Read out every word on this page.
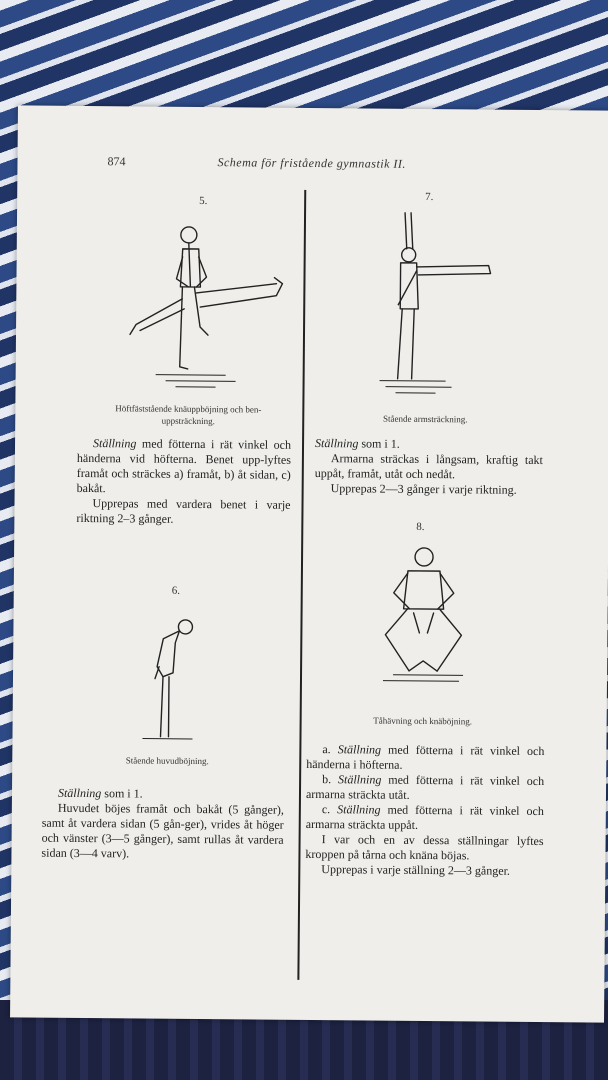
874	Schema för fristående gymnastik II.
5.
Höftfäststående knäuppböjning och ben- uppsträckning.

Ställning med fötterna i rät vinkel och händerna vid höfterna. Benet upp-lyftes framåt och sträckes a) framåt, b) åt sidan, c) bakåt.

Upprepas med vardera benet i varje riktning 2–3 gånger.

6.
Stående huvudböjning.

Ställning som i 1.

Huvudet böjes framåt och bakåt (5 gånger), samt åt vardera sidan (5 gån-ger), vrides åt höger och vänster (3—5 gånger), samt rullas åt vardera sidan (3—4 varv).

7.
Stående armsträckning.

Ställning som i 1.

Armarna sträckas i långsam, kraftig takt uppåt, framåt, utåt och nedåt.

Upprepas 2—3 gånger i varje riktning.

8.
Tåhävning och knäböjning.

a. Ställning med fötterna i rät vinkel och händerna i höfterna.

b. Ställning med fötterna i rät vinkel och armarna sträckta utåt.

c. Ställning med fötterna i rät vinkel och armarna sträckta uppåt.

I var och en av dessa ställningar lyftes kroppen på tårna och knäna böjas.

Upprepas i varje ställning 2—3 gånger.
